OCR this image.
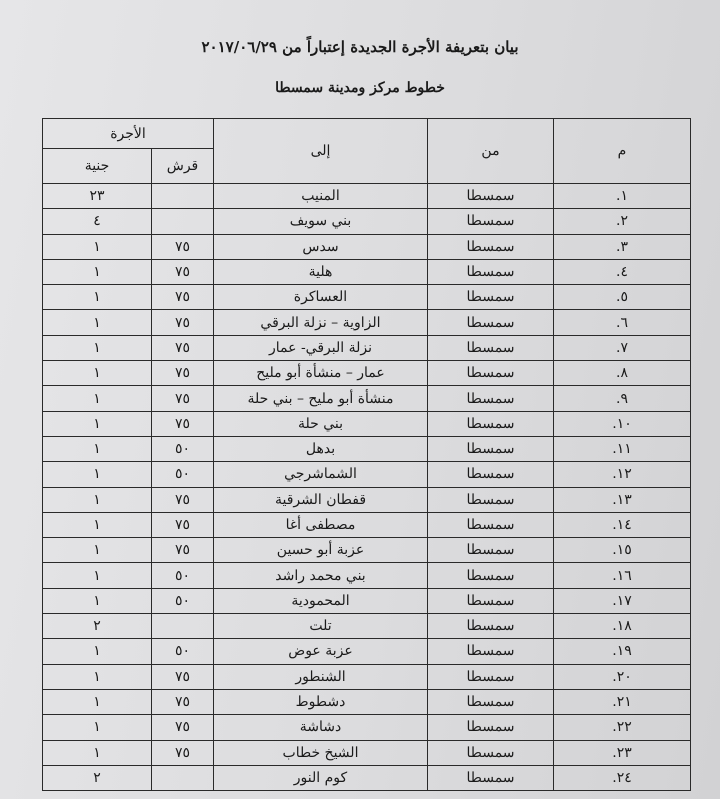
بيان بتعريفة الأجرة الجديدة إعتباراً من ٢٠١٧/٠٦/٢٩
خطوط مركز ومدينة سمسطا
م	من	إلى	الأجرة	
			قرش	جنية
١.	سمسطا	المنيب		٢٣
٢.	سمسطا	بني سويف		٤
٣.	سمسطا	سدس	٧٥	١
٤.	سمسطا	هلية	٧٥	١
٥.	سمسطا	العساكرة	٧٥	١
٦.	سمسطا	الزاوية – نزلة البرقي	٧٥	١
٧.	سمسطا	نزلة البرقي- عمار	٧٥	١
٨.	سمسطا	عمار – منشأة أبو مليح	٧٥	١
٩.	سمسطا	منشأة أبو مليح – بني حلة	٧٥	١
١٠.	سمسطا	بني حلة	٧٥	١
١١.	سمسطا	بدهل	٥٠	١
١٢.	سمسطا	الشماشرجي	٥٠	١
١٣.	سمسطا	قفطان الشرقية	٧٥	١
١٤.	سمسطا	مصطفى أغا	٧٥	١
١٥.	سمسطا	عزبة أبو حسين	٧٥	١
١٦.	سمسطا	بني محمد راشد	٥٠	١
١٧.	سمسطا	المحمودية	٥٠	١
١٨.	سمسطا	تلت		٢
١٩.	سمسطا	عزبة عوض	٥٠	١
٢٠.	سمسطا	الشنطور	٧٥	١
٢١.	سمسطا	دشطوط	٧٥	١
٢٢.	سمسطا	دشاشة	٧٥	١
٢٣.	سمسطا	الشيخ خطاب	٧٥	١
٢٤.	سمسطا	كوم النور		٢
